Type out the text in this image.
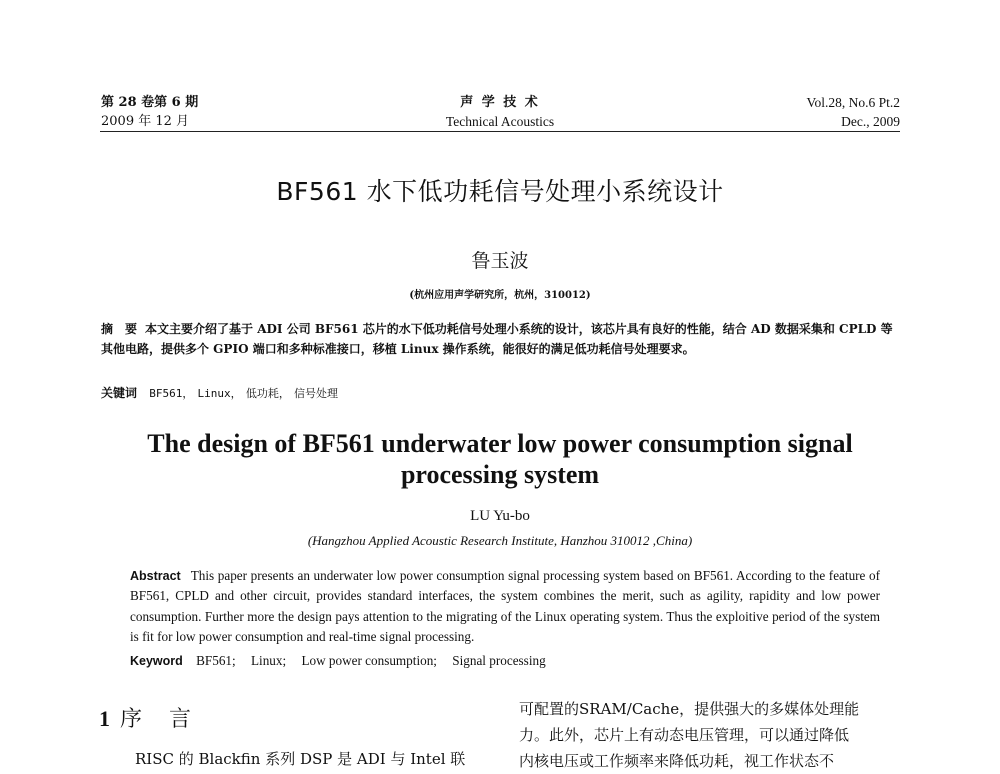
第 28 卷第 6 期
2009 年 12 月
声 学 技 术
Technical Acoustics
Vol.28, No.6 Pt.2
Dec., 2009
BF561 水下低功耗信号处理小系统设计
鲁玉波
(杭州应用声学研究所，杭州，310012)
摘　要 本文主要介绍了基于 ADI 公司 BF561 芯片的水下低功耗信号处理小系统的设计，该芯片具有良好的性能，结合 AD 数据采集和 CPLD 等其他电路，提供多个 GPIO 端口和多种标准接口，移植 Linux 操作系统，能很好的满足低功耗信号处理要求。
关键词 BF561， Linux， 低功耗， 信号处理
The design of BF561 underwater low power consumption signal processing system
LU Yu-bo
(Hangzhou Applied Acoustic Research Institute, Hanzhou 310012 ,China)
Abstract This paper presents an underwater low power consumption signal processing system based on BF561. According to the feature of BF561, CPLD and other circuit, provides standard interfaces, the system combines the merit, such as agility, rapidity and low power consumption. Further more the design pays attention to the migrating of the Linux operating system. Thus the exploitive period of the system is fit for low power consumption and real-time signal processing.
Keyword BF561; Linux; Low power consumption; Signal processing
1 序 言
RISC 的 Blackfin 系列 DSP 是 ADI 与 Intel 联
可配置的SRAM/Cache，提供强大的多媒体处理能
力。此外，芯片上有动态电压管理，可以通过降低
内核电压或工作频率来降低功耗，视工作状态不
